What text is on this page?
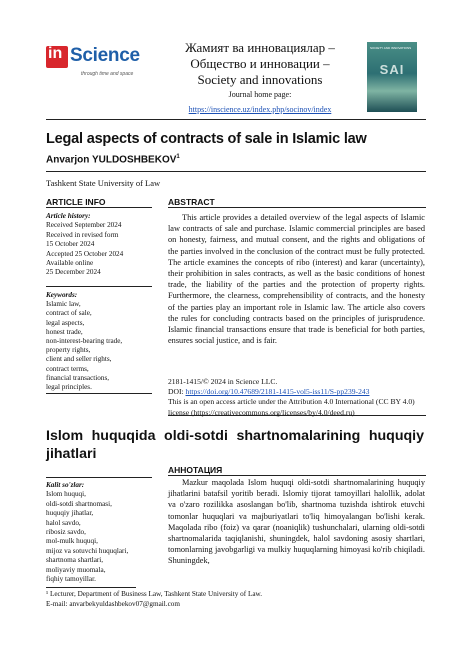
in Science
through time and space
Жамият ва инновациялар –
Общество и инновации –
Society and innovations
Journal home page:
https://inscience.uz/index.php/socinov/index
SOCIETY AND INNOVATIONS
SAI
Legal aspects of contracts of sale in Islamic law
Anvarjon YULDOSHBEKOV$^1$
Tashkent State University of Law
ARTICLE INFO	ABSTRACT
Article history:
Received September 2024
Received in revised form
15 October 2024
Accepted 25 October 2024
Available online
25 December 2024
Keywords:
Islamic law,
contract of sale,
legal aspects,
honest trade,
non-interest-bearing trade,
property rights,
client and seller rights,
contract terms,
financial transactions,
legal principles.

This article provides a detailed overview of the legal aspects of Islamic law contracts of sale and purchase. Islamic commercial principles are based on honesty, fairness, and mutual consent, and the rights and obligations of the parties involved in the conclusion of the contract must be fully protected. The article examines the concepts of ribo (interest) and karar (uncertainty), their prohibition in sales contracts, as well as the basic conditions of honest trade, the liability of the parties and the protection of property rights. Furthermore, the clearness, comprehensibility of contracts, and the honesty of the parties play an important role in Islamic law. The article also covers the rules for concluding contracts based on the principles of jurisprudence. Islamic financial transactions ensure that trade is beneficial for both parties, ensures social justice, and is fair.

2181-1415/© 2024 in Science LLC.
DOI: https://doi.org/10.47689/2181-1415-vol5-iss11/S-pp239-243
This is an open access article under the Attribution 4.0 International (CC BY 4.0) license (https://creativecommons.org/licenses/by/4.0/deed.ru)
Islom huquqida oldi-sotdi shartnomalarining huquqiy jihatlari
Kalit so'zlar:
Islom huquqi,
oldi-sotdi shartnomasi,
huquqiy jihatlar,
halol savdo,
ribosiz savdo,
mol-mulk huquqi,
mijoz va sotuvchi huquqlari,
shartnoma shartlari,
moliyaviy muomala,
fiqhiy tamoyillar.
АННОТАЦИЯ

Mazkur maqolada Islom huquqi oldi-sotdi shartnomalarining huquqiy jihatlarini batafsil yoritib beradi. Islomiy tijorat tamoyillari halollik, adolat va o'zaro rozilikka asoslangan bo'lib, shartnoma tuzishda ishtirok etuvchi tomonlar huquqlari va majburiyatlari to'liq himoyalangan bo'lishi kerak. Maqolada ribo (foiz) va qarar (noaniqlik) tushunchalari, ularning oldi-sotdi shartnomalarida taqiqlanishi, shuningdek, halol savdoning asosiy shartlari, tomonlarning javobgarligi va mulkiy huquqlarning himoyasi ko'rib chiqiladi. Shuningdek,

¹ Lecturer, Department of Business Law, Tashkent State University of Law.
E-mail: anvarbekyuldashbekov07@gmail.com
